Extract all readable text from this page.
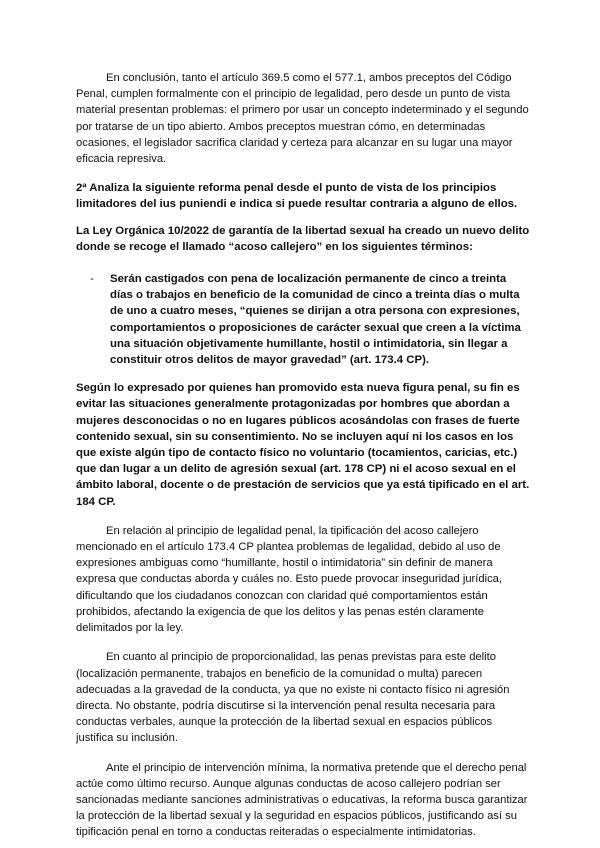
En conclusión, tanto el artículo 369.5 como el 577.1, ambos preceptos del Código Penal, cumplen formalmente con el principio de legalidad, pero desde un punto de vista material presentan problemas: el primero por usar un concepto indeterminado y el segundo por tratarse de un tipo abierto. Ambos preceptos muestran cómo, en determinadas ocasiones, el legislador sacrifica claridad y certeza para alcanzar en su lugar una mayor eficacia represiva.

2ª Analiza la siguiente reforma penal desde el punto de vista de los principios limitadores del ius puniendi e indica si puede resultar contraria a alguno de ellos.

La Ley Orgánica 10/2022 de garantía de la libertad sexual ha creado un nuevo delito donde se recoge el llamado “acoso callejero” en los siguientes términos:

-	Serán castigados con pena de localización permanente de cinco a treinta días o trabajos en beneficio de la comunidad de cinco a treinta días o multa de uno a cuatro meses, “quienes se dirijan a otra persona con expresiones, comportamientos o proposiciones de carácter sexual que creen a la víctima una situación objetivamente humillante, hostil o intimidatoria, sin llegar a constituir otros delitos de mayor gravedad” (art. 173.4 CP).

Según lo expresado por quienes han promovido esta nueva figura penal, su fin es evitar las situaciones generalmente protagonizadas por hombres que abordan a mujeres desconocidas o no en lugares públicos acosándolas con frases de fuerte contenido sexual, sin su consentimiento. No se incluyen aquí ni los casos en los que existe algún tipo de contacto físico no voluntario (tocamientos, caricias, etc.) que dan lugar a un delito de agresión sexual (art. 178 CP) ni el acoso sexual en el ámbito laboral, docente o de prestación de servicios que ya está tipificado en el art. 184 CP.

En relación al principio de legalidad penal, la tipificación del acoso callejero mencionado en el artículo 173.4 CP plantea problemas de legalidad, debido al uso de expresiones ambiguas como “humillante, hostil o intimidatoria” sin definir de manera expresa que conductas aborda y cuáles no. Esto puede provocar inseguridad jurídica, dificultando que los ciudadanos conozcan con claridad qué comportamientos están prohibidos, afectando la exigencia de que los delitos y las penas estén claramente delimitados por la ley.

En cuanto al principio de proporcionalidad, las penas previstas para este delito (localización permanente, trabajos en beneficio de la comunidad o multa) parecen adecuadas a la gravedad de la conducta, ya que no existe ni contacto físico ni agresión directa. No obstante, podría discutirse si la intervención penal resulta necesaria para conductas verbales, aunque la protección de la libertad sexual en espacios públicos justifica su inclusión.

Ante el principio de intervención mínima, la normativa pretende que el derecho penal actúe como último recurso. Aunque algunas conductas de acoso callejero podrían ser sancionadas mediante sanciones administrativas o educativas, la reforma busca garantizar la protección de la libertad sexual y la seguridad en espacios públicos, justificando así su tipificación penal en torno a conductas reiteradas o especialmente intimidatorias.
